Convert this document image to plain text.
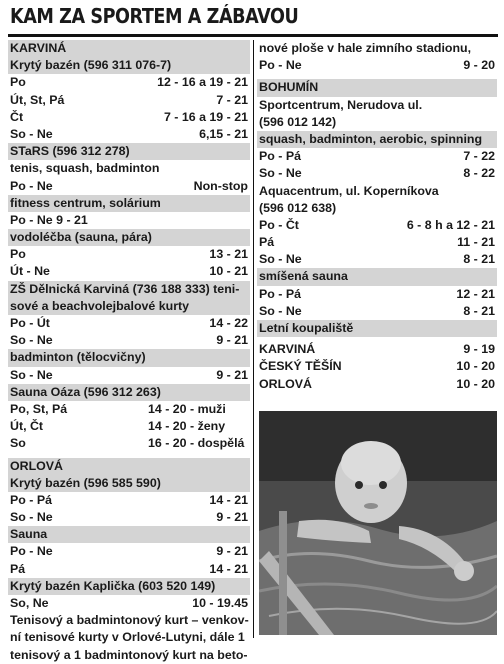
KAM ZA SPORTEM A ZÁBAVOU
KARVINÁ
Krytý bazén (596 311 076-7)
Po	12 - 16 a 19 - 21
Út, St, Pá	7 - 21
Čt	7 - 16 a 19 - 21
So - Ne	6,15 - 21
STaRS (596 312 278)
tenis, squash, badminton
Po - Ne	Non-stop
fitness centrum, solárium
Po - Ne 9 - 21
vodoléčba (sauna, pára)
Po	13 - 21
Út - Ne	10 - 21
ZŠ Dělnická Karviná (736 188 333) teni-
sové a beachvolejbalové kurty
Po - Út	14 - 22
So - Ne	9 - 21
badminton (tělocvičny)
So - Ne	9 - 21
Sauna Oáza (596 312 263)
Po, St, Pá	14 - 20 - muži
Út, Čt	14 - 20 - ženy
So	16 - 20 - dospělá
ORLOVÁ
Krytý bazén (596 585 590)
Po - Pá	14 - 21
So - Ne	9 - 21
Sauna
Po - Ne	9 - 21
Pá	14 - 21
Krytý bazén Kaplička (603 520 149)
So, Ne	10 - 19.45
Tenisový a badmintonový kurt – venkov-
ní tenisové kurty v Orlové-Lutyni, dále 1
tenisový a 1 badmintonový kurt na beto-
nové ploše v hale zimního stadionu,
Po - Ne	9 - 20
BOHUMÍN
Sportcentrum, Nerudova ul.
(596 012 142)
squash, badminton, aerobic, spinning
Po - Pá	7 - 22
So - Ne	8 - 22
Aquacentrum, ul. Koperníkova
(596 012 638)
Po - Čt	6 - 8 h a 12 - 21
Pá	11 - 21
So - Ne	8 - 21
smíšená sauna
Po - Pá	12 - 21
So - Ne	8 - 21
Letní koupaliště
KARVINÁ	9 - 19
ČESKÝ TĚŠÍN	10 - 20
ORLOVÁ	10 - 20
